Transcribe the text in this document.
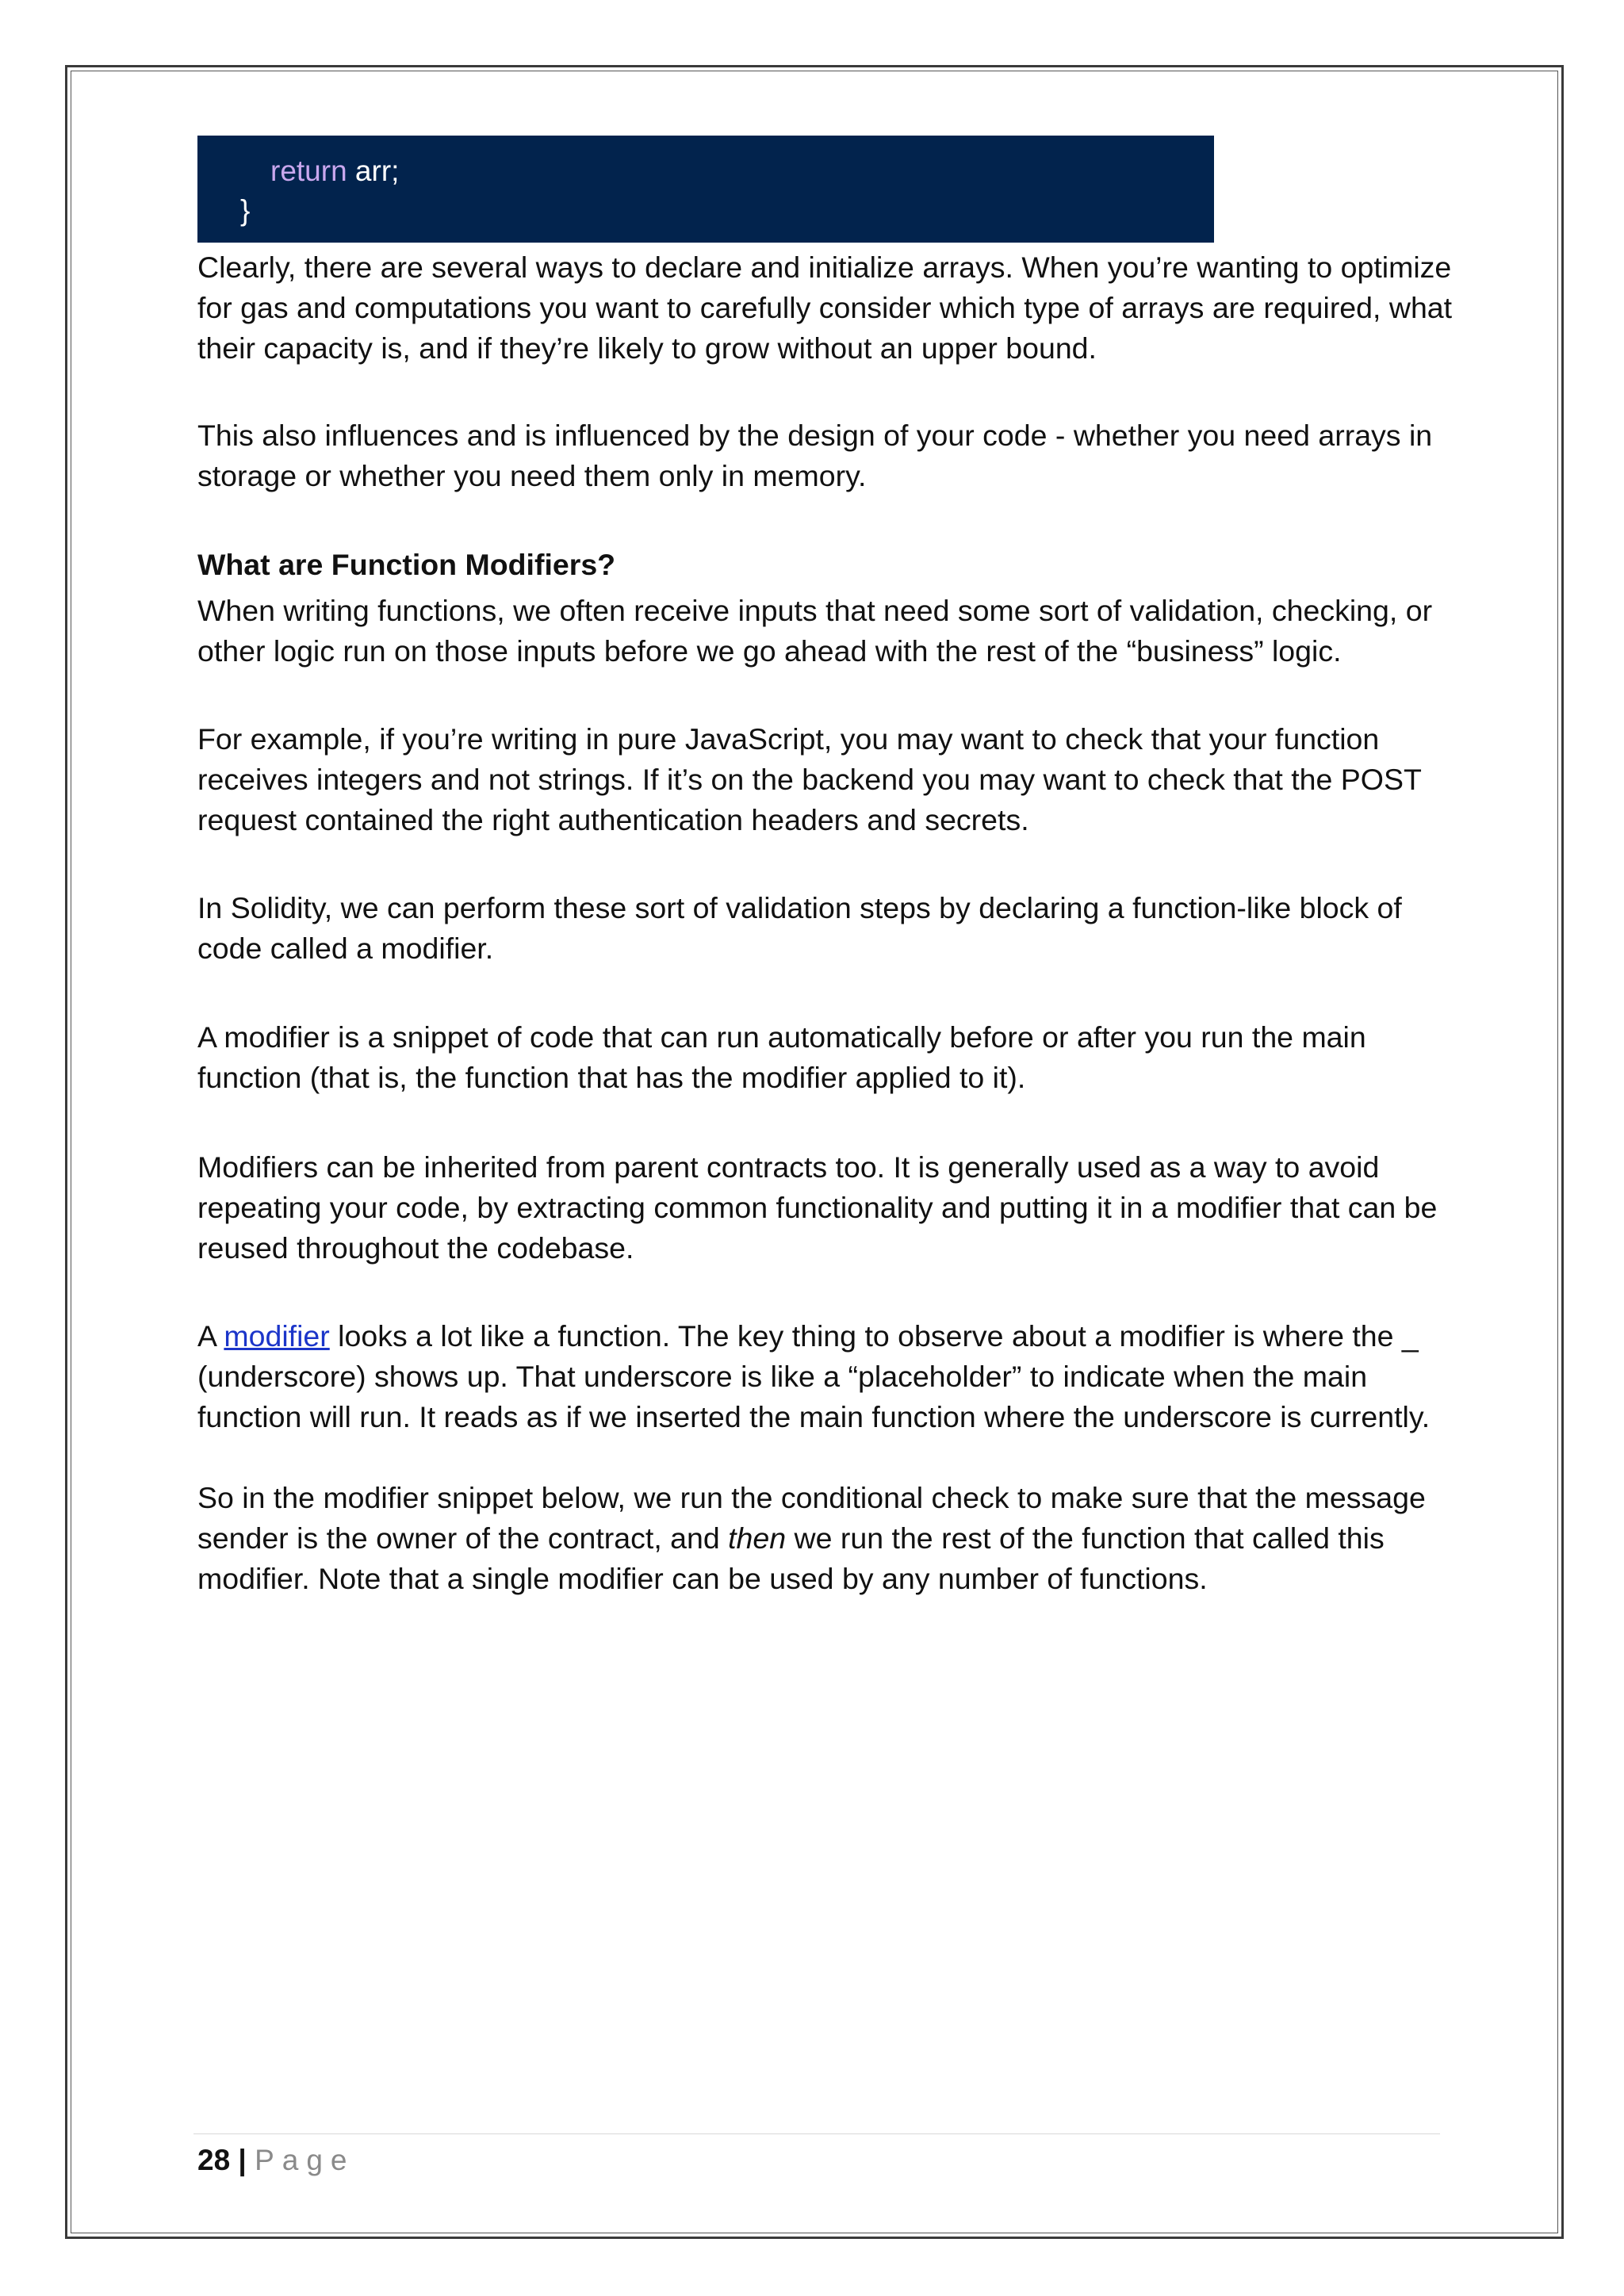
return arr;
}

Clearly, there are several ways to declare and initialize arrays. When you’re wanting to optimize for gas and computations you want to carefully consider which type of arrays are required, what their capacity is, and if they’re likely to grow without an upper bound.

This also influences and is influenced by the design of your code - whether you need arrays in storage or whether you need them only in memory.

What are Function Modifiers?

When writing functions, we often receive inputs that need some sort of validation, checking, or other logic run on those inputs before we go ahead with the rest of the “business” logic.

For example, if you’re writing in pure JavaScript, you may want to check that your function receives integers and not strings. If it’s on the backend you may want to check that the POST request contained the right authentication headers and secrets.

In Solidity, we can perform these sort of validation steps by declaring a function-like block of code called a modifier.

A modifier is a snippet of code that can run automatically before or after you run the main function (that is, the function that has the modifier applied to it).

Modifiers can be inherited from parent contracts too. It is generally used as a way to avoid repeating your code, by extracting common functionality and putting it in a modifier that can be reused throughout the codebase.

A modifier looks a lot like a function. The key thing to observe about a modifier is where the _ (underscore) shows up. That underscore is like a “placeholder” to indicate when the main function will run. It reads as if we inserted the main function where the underscore is currently.

So in the modifier snippet below, we run the conditional check to make sure that the message sender is the owner of the contract, and then we run the rest of the function that called this modifier. Note that a single modifier can be used by any number of functions.

28 | Page
